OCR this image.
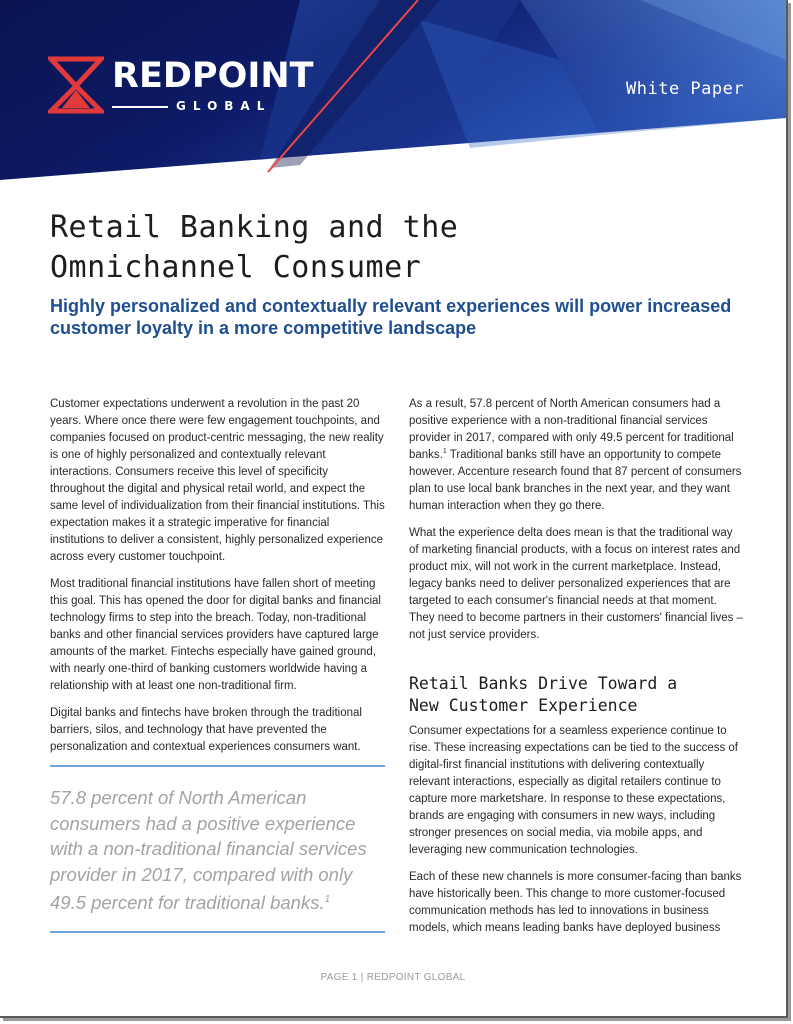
REDPOINT
GLOBAL
White Paper
Retail Banking and the
Omnichannel Consumer
Highly personalized and contextually relevant experiences will power increased
customer loyalty in a more competitive landscape

Customer expectations underwent a revolution in the past 20 years. Where once there were few engagement touchpoints, and companies focused on product-centric messaging, the new reality is one of highly personalized and contextually relevant interactions. Consumers receive this level of specificity throughout the digital and physical retail world, and expect the same level of individualization from their financial institutions. This expectation makes it a strategic imperative for financial institutions to deliver a consistent, highly personalized experience across every customer touchpoint.

Most traditional financial institutions have fallen short of meeting this goal. This has opened the door for digital banks and financial technology firms to step into the breach. Today, non-traditional banks and other financial services providers have captured large amounts of the market. Fintechs especially have gained ground, with nearly one-third of banking customers worldwide having a relationship with at least one non-traditional firm.

Digital banks and fintechs have broken through the traditional barriers, silos, and technology that have prevented the personalization and contextual experiences consumers want.

57.8 percent of North American consumers had a positive experience with a non-traditional financial services provider in 2017, compared with only 49.5 percent for traditional banks.$^1$

As a result, 57.8 percent of North American consumers had a positive experience with a non-traditional financial services provider in 2017, compared with only 49.5 percent for traditional banks.$^1$ Traditional banks still have an opportunity to compete however. Accenture research found that 87 percent of consumers plan to use local bank branches in the next year, and they want human interaction when they go there.

What the experience delta does mean is that the traditional way of marketing financial products, with a focus on interest rates and product mix, will not work in the current marketplace. Instead, legacy banks need to deliver personalized experiences that are targeted to each consumer's financial needs at that moment. They need to become partners in their customers' financial lives – not just service providers.

Retail Banks Drive Toward a
New Customer Experience

Consumer expectations for a seamless experience continue to rise. These increasing expectations can be tied to the success of digital-first financial institutions with delivering contextually relevant interactions, especially as digital retailers continue to capture more marketshare. In response to these expectations, brands are engaging with consumers in new ways, including stronger presences on social media, via mobile apps, and leveraging new communication technologies.

Each of these new channels is more consumer-facing than banks have historically been. This change to more customer-focused communication methods has led to innovations in business models, which means leading banks have deployed business

PAGE 1 | REDPOINT GLOBAL
